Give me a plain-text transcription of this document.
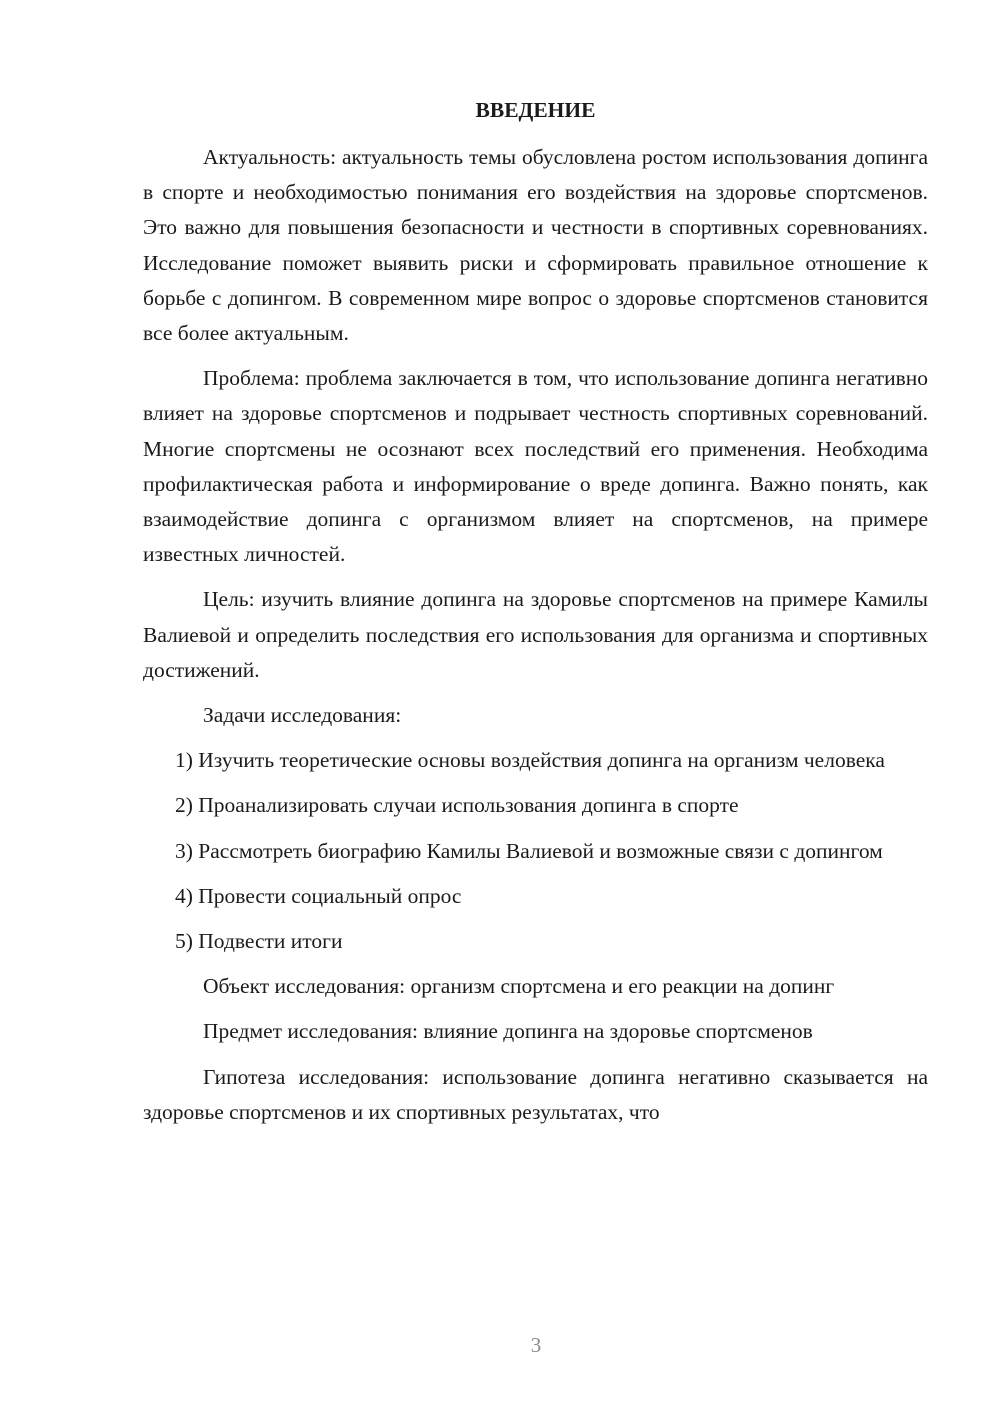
ВВЕДЕНИЕ

Актуальность: актуальность темы обусловлена ростом использования допинга в спорте и необходимостью понимания его воздействия на здоровье спортсменов. Это важно для повышения безопасности и честности в спортивных соревнованиях. Исследование поможет выявить риски и сформировать правильное отношение к борьбе с допингом. В современном мире вопрос о здоровье спортсменов становится все более актуальным.

Проблема: проблема заключается в том, что использование допинга негативно влияет на здоровье спортсменов и подрывает честность спортивных соревнований. Многие спортсмены не осознают всех последствий его применения. Необходима профилактическая работа и информирование о вреде допинга. Важно понять, как взаимодействие допинга с организмом влияет на спортсменов, на примере известных личностей.

Цель: изучить влияние допинга на здоровье спортсменов на примере Камилы Валиевой и определить последствия его использования для организма и спортивных достижений.

Задачи исследования:

1) Изучить теоретические основы воздействия допинга на организм человека

2) Проанализировать случаи использования допинга в спорте

3) Рассмотреть биографию Камилы Валиевой и возможные связи с допингом

4) Провести социальный опрос

5) Подвести итоги

Объект исследования: организм спортсмена и его реакции на допинг

Предмет исследования: влияние допинга на здоровье спортсменов

Гипотеза исследования: использование допинга негативно сказывается на здоровье спортсменов и их спортивных результатах, что

3
